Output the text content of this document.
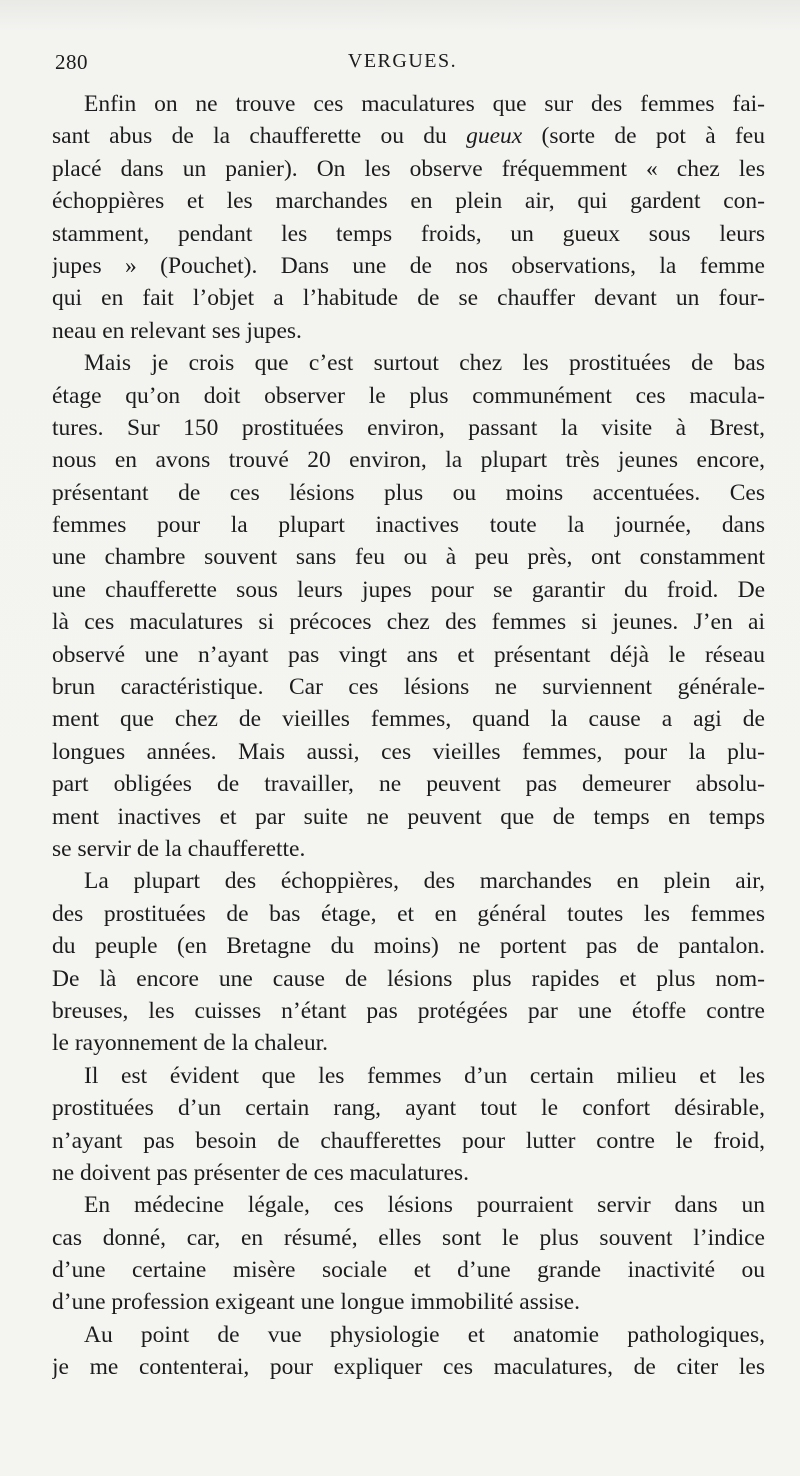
280	VERGUES.
Enfin on ne trouve ces maculatures que sur des femmes fai-
sant abus de la chaufferette ou du gueux (sorte de pot à feu
placé dans un panier). On les observe fréquemment « chez les
échoppières et les marchandes en plein air, qui gardent con-
stamment, pendant les temps froids, un gueux sous leurs
jupes » (Pouchet). Dans une de nos observations, la femme
qui en fait l’objet a l’habitude de se chauffer devant un four-
neau en relevant ses jupes.
Mais je crois que c’est surtout chez les prostituées de bas
étage qu’on doit observer le plus communément ces macula-
tures. Sur 150 prostituées environ, passant la visite à Brest,
nous en avons trouvé 20 environ, la plupart très jeunes encore,
présentant de ces lésions plus ou moins accentuées. Ces
femmes pour la plupart inactives toute la journée, dans
une chambre souvent sans feu ou à peu près, ont constamment
une chaufferette sous leurs jupes pour se garantir du froid. De
là ces maculatures si précoces chez des femmes si jeunes. J’en ai
observé une n’ayant pas vingt ans et présentant déjà le réseau
brun caractéristique. Car ces lésions ne surviennent générale-
ment que chez de vieilles femmes, quand la cause a agi de
longues années. Mais aussi, ces vieilles femmes, pour la plu-
part obligées de travailler, ne peuvent pas demeurer absolu-
ment inactives et par suite ne peuvent que de temps en temps
se servir de la chaufferette.
La plupart des échoppières, des marchandes en plein air,
des prostituées de bas étage, et en général toutes les femmes
du peuple (en Bretagne du moins) ne portent pas de pantalon.
De là encore une cause de lésions plus rapides et plus nom-
breuses, les cuisses n’étant pas protégées par une étoffe contre
le rayonnement de la chaleur.
Il est évident que les femmes d’un certain milieu et les
prostituées d’un certain rang, ayant tout le confort désirable,
n’ayant pas besoin de chaufferettes pour lutter contre le froid,
ne doivent pas présenter de ces maculatures.
En médecine légale, ces lésions pourraient servir dans un
cas donné, car, en résumé, elles sont le plus souvent l’indice
d’une certaine misère sociale et d’une grande inactivité ou
d’une profession exigeant une longue immobilité assise.
Au point de vue physiologie et anatomie pathologiques,
je me contenterai, pour expliquer ces maculatures, de citer les
